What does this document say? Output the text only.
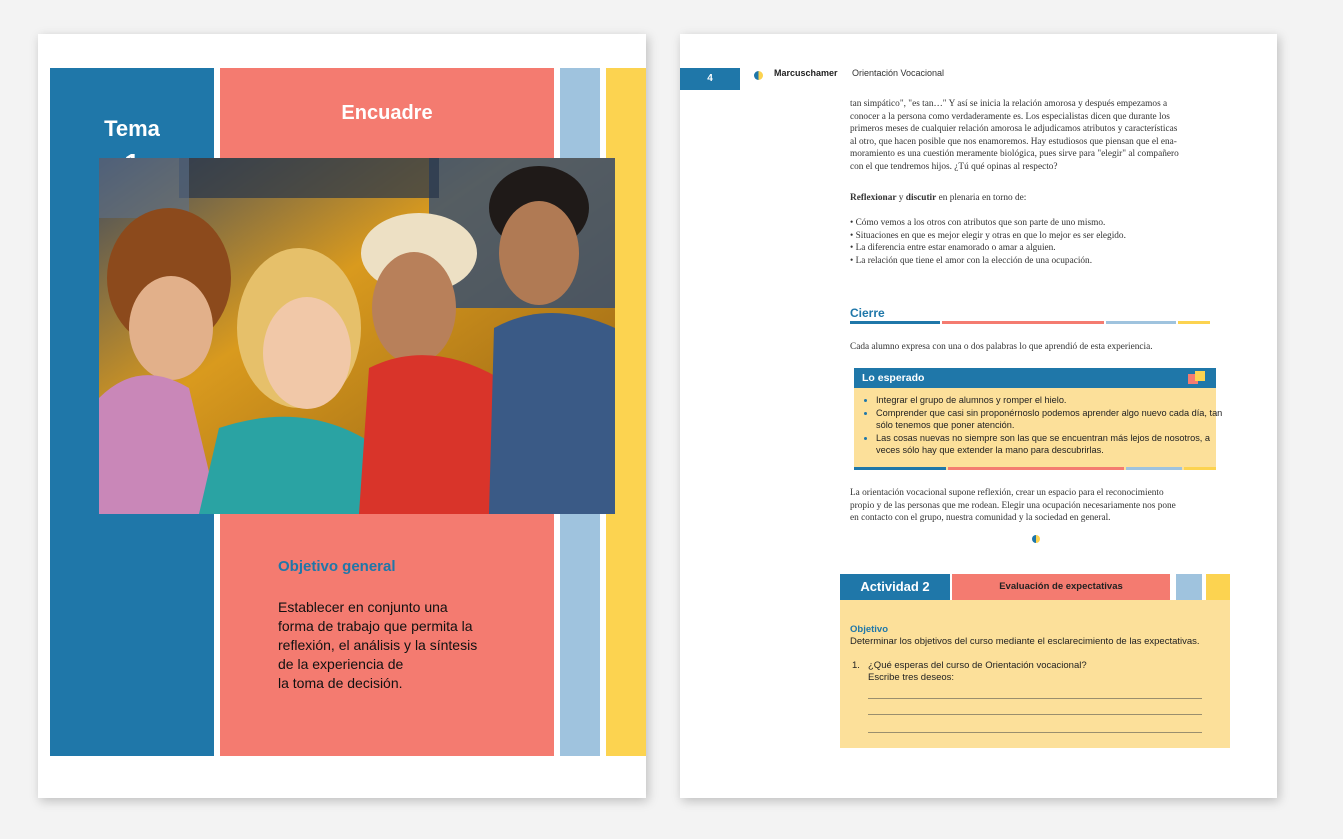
Tema
Encuadre
Objetivo general
Establecer en conjunto una
forma de trabajo que permita la
reflexión, el análisis y la síntesis
de la experiencia de
la toma de decisión.
4	Marcuschamer Orientación Vocacional
tan simpático", "es tan…" Y así se inicia la relación amorosa y después empezamos a
conocer a la persona como verdaderamente es. Los especialistas dicen que durante los
primeros meses de cualquier relación amorosa le adjudicamos atributos y características
al otro, que hacen posible que nos enamoremos. Hay estudiosos que piensan que el ena-
moramiento es una cuestión meramente biológica, pues sirve para "elegir" al compañero
con el que tendremos hijos. ¿Tú qué opinas al respecto?
Reflexionar y discutir en plenaria en torno de:
• Cómo vemos a los otros con atributos que son parte de uno mismo.
• Situaciones en que es mejor elegir y otras en que lo mejor es ser elegido.
• La diferencia entre estar enamorado o amar a alguien.
• La relación que tiene el amor con la elección de una ocupación.
Cierre
Cada alumno expresa con una o dos palabras lo que aprendió de esta experiencia.
Lo esperado
• Integrar el grupo de alumnos y romper el hielo.
• Comprender que casi sin proponérnoslo podemos aprender algo nuevo cada día, tan sólo tenemos que poner atención.
• Las cosas nuevas no siempre son las que se encuentran más lejos de nosotros, a veces sólo hay que extender la mano para descubrirlas.
La orientación vocacional supone reflexión, crear un espacio para el reconocimiento
propio y de las personas que me rodean. Elegir una ocupación necesariamente nos pone
en contacto con el grupo, nuestra comunidad y la sociedad en general.
Actividad 2	Evaluación de expectativas
Objetivo
Determinar los objetivos del curso mediante el esclarecimiento de las expectativas.
1. ¿Qué esperas del curso de Orientación vocacional?
Escribe tres deseos:
